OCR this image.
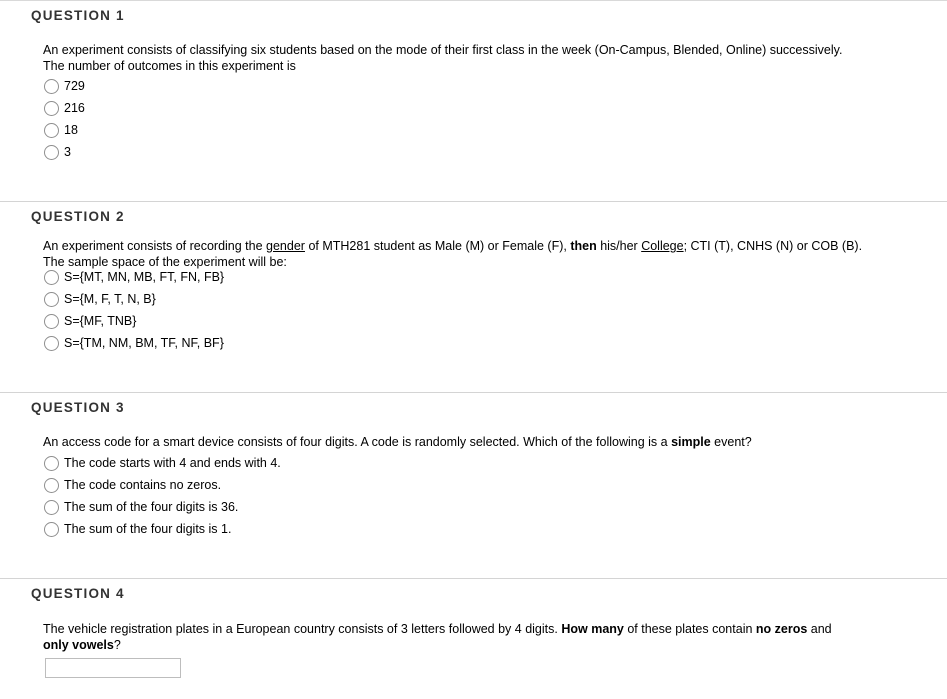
QUESTION 1
An experiment consists of classifying six students based on the mode of their first class in the week (On-Campus, Blended, Online) successively.
The number of outcomes in this experiment is
729
216
18
3
QUESTION 2
An experiment consists of recording the gender of MTH281 student as Male (M) or Female (F), then his/her College; CTI (T), CNHS (N) or COB (B).
The sample space of the experiment will be:
S={MT, MN, MB, FT, FN, FB}
S={M, F, T, N, B}
S={MF, TNB}
S={TM, NM, BM, TF, NF, BF}
QUESTION 3
An access code for a smart device consists of four digits. A code is randomly selected. Which of the following is a simple event?
The code starts with 4 and ends with 4.
The code contains no zeros.
The sum of the four digits is 36.
The sum of the four digits is 1.
QUESTION 4
The vehicle registration plates in a European country consists of 3 letters followed by 4 digits. How many of these plates contain no zeros and
only vowels?
